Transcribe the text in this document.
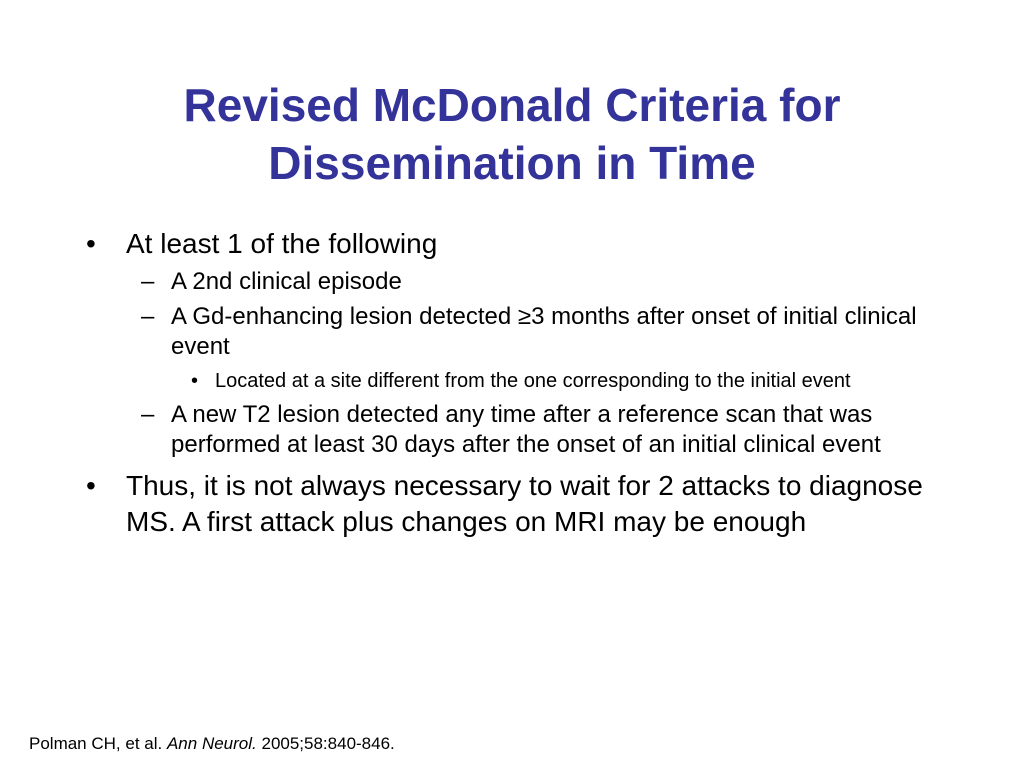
Revised McDonald Criteria for
Dissemination in Time
• At least 1 of the following
– A 2nd clinical episode
– A Gd-enhancing lesion detected ≥3 months after onset of initial clinical event
• Located at a site different from the one corresponding to the initial event
– A new T2 lesion detected any time after a reference scan that was performed at least 30 days after the onset of an initial clinical event
• Thus, it is not always necessary to wait for 2 attacks to diagnose MS. A first attack plus changes on MRI may be enough
Polman CH, et al. Ann Neurol. 2005;58:840-846.
